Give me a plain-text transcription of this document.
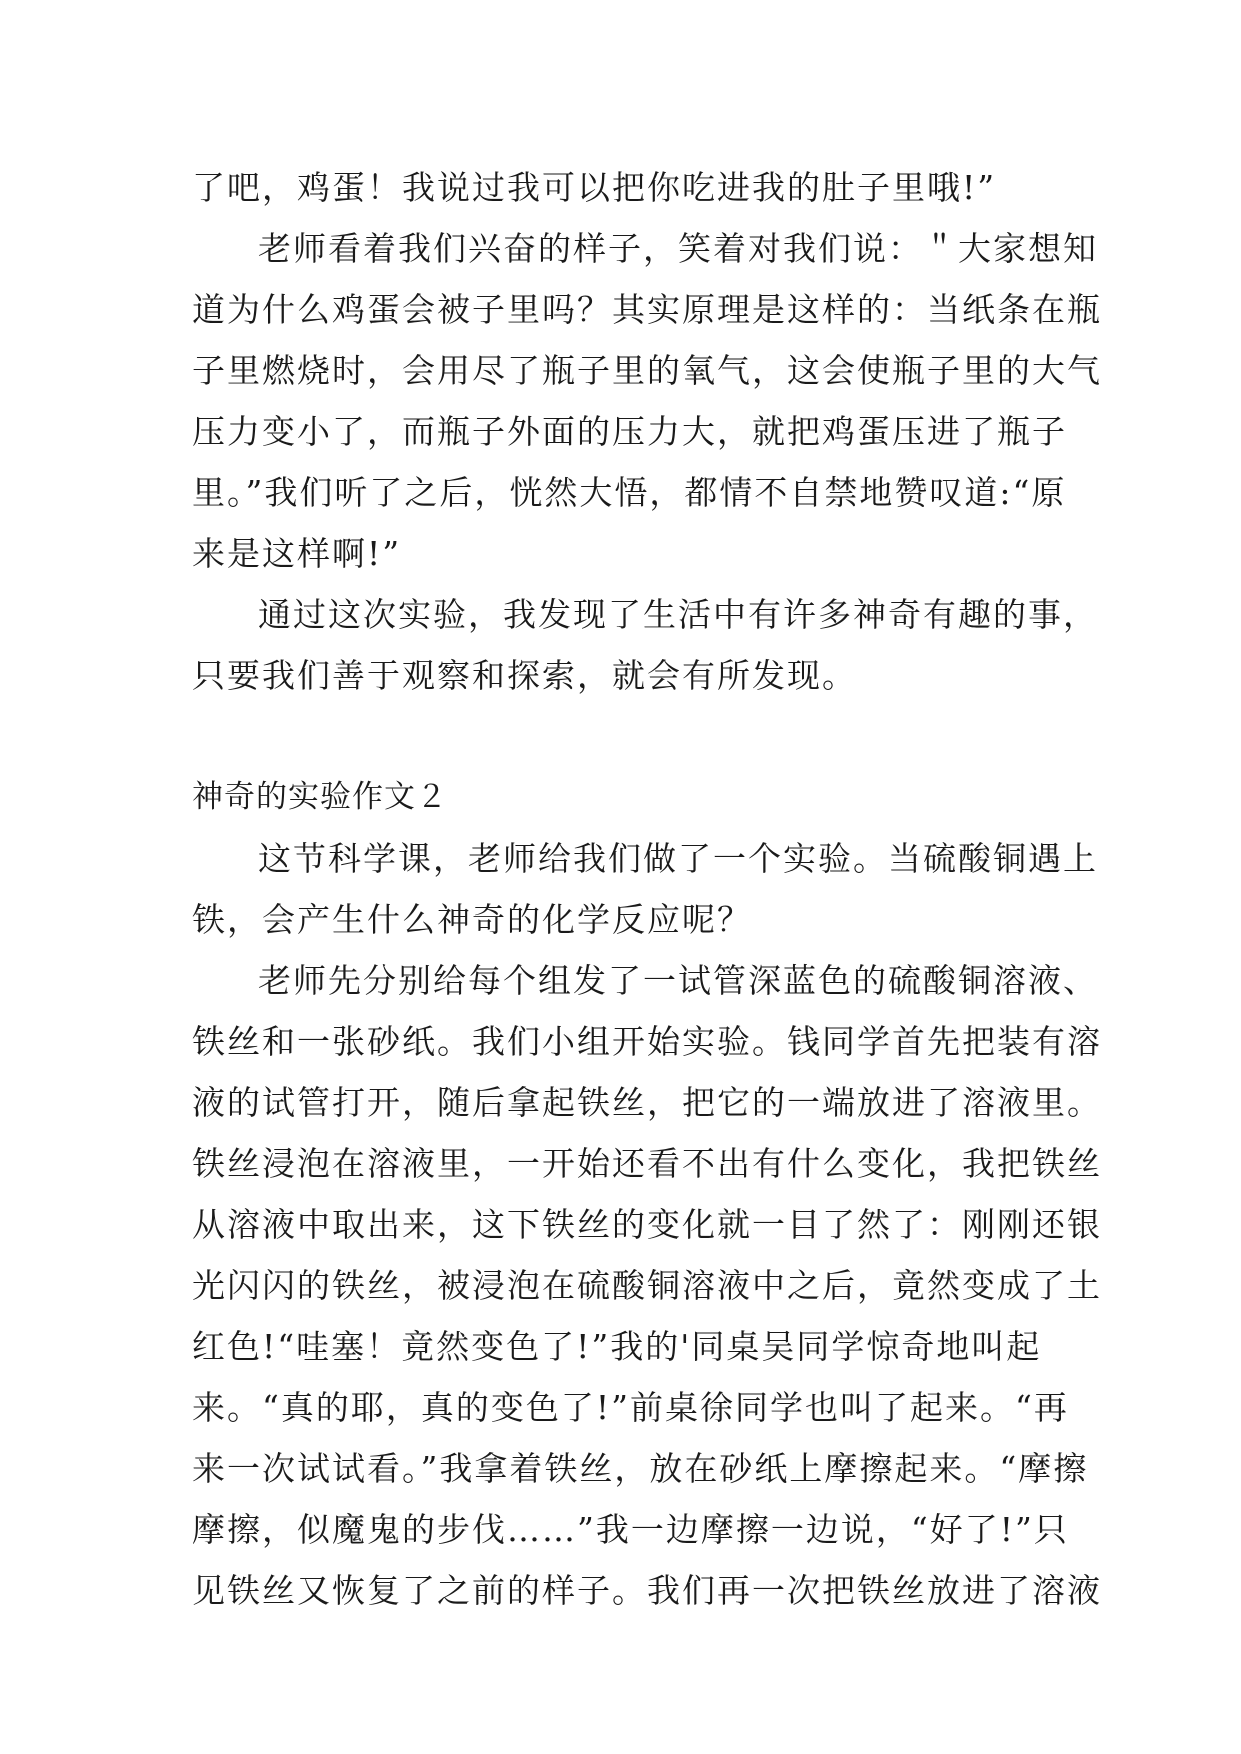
了吧，鸡蛋！我说过我可以把你吃进我的肚子里哦!”
老师看着我们兴奋的样子，笑着对我们说：＂大家想知
道为什么鸡蛋会被子里吗？其实原理是这样的：当纸条在瓶
子里燃烧时，会用尽了瓶子里的氧气，这会使瓶子里的大气
压力变小了，而瓶子外面的压力大，就把鸡蛋压进了瓶子
里。”我们听了之后，恍然大悟，都情不自禁地赞叹道:“原
来是这样啊!”
通过这次实验，我发现了生活中有许多神奇有趣的事，
只要我们善于观察和探索，就会有所发现。
神奇的实验作文２
这节科学课，老师给我们做了一个实验。当硫酸铜遇上
铁，会产生什么神奇的化学反应呢？
老师先分别给每个组发了一试管深蓝色的硫酸铜溶液、
铁丝和一张砂纸。我们小组开始实验。钱同学首先把装有溶
液的试管打开，随后拿起铁丝，把它的一端放进了溶液里。
铁丝浸泡在溶液里，一开始还看不出有什么变化，我把铁丝
从溶液中取出来，这下铁丝的变化就一目了然了：刚刚还银
光闪闪的铁丝，被浸泡在硫酸铜溶液中之后，竟然变成了土
红色!“哇塞！竟然变色了!”我的'同桌吴同学惊奇地叫起
来。“真的耶，真的变色了!”前桌徐同学也叫了起来。“再
来一次试试看。”我拿着铁丝，放在砂纸上摩擦起来。“摩擦
摩擦，似魔鬼的步伐……”我一边摩擦一边说，“好了!”只
见铁丝又恢复了之前的样子。我们再一次把铁丝放进了溶液
